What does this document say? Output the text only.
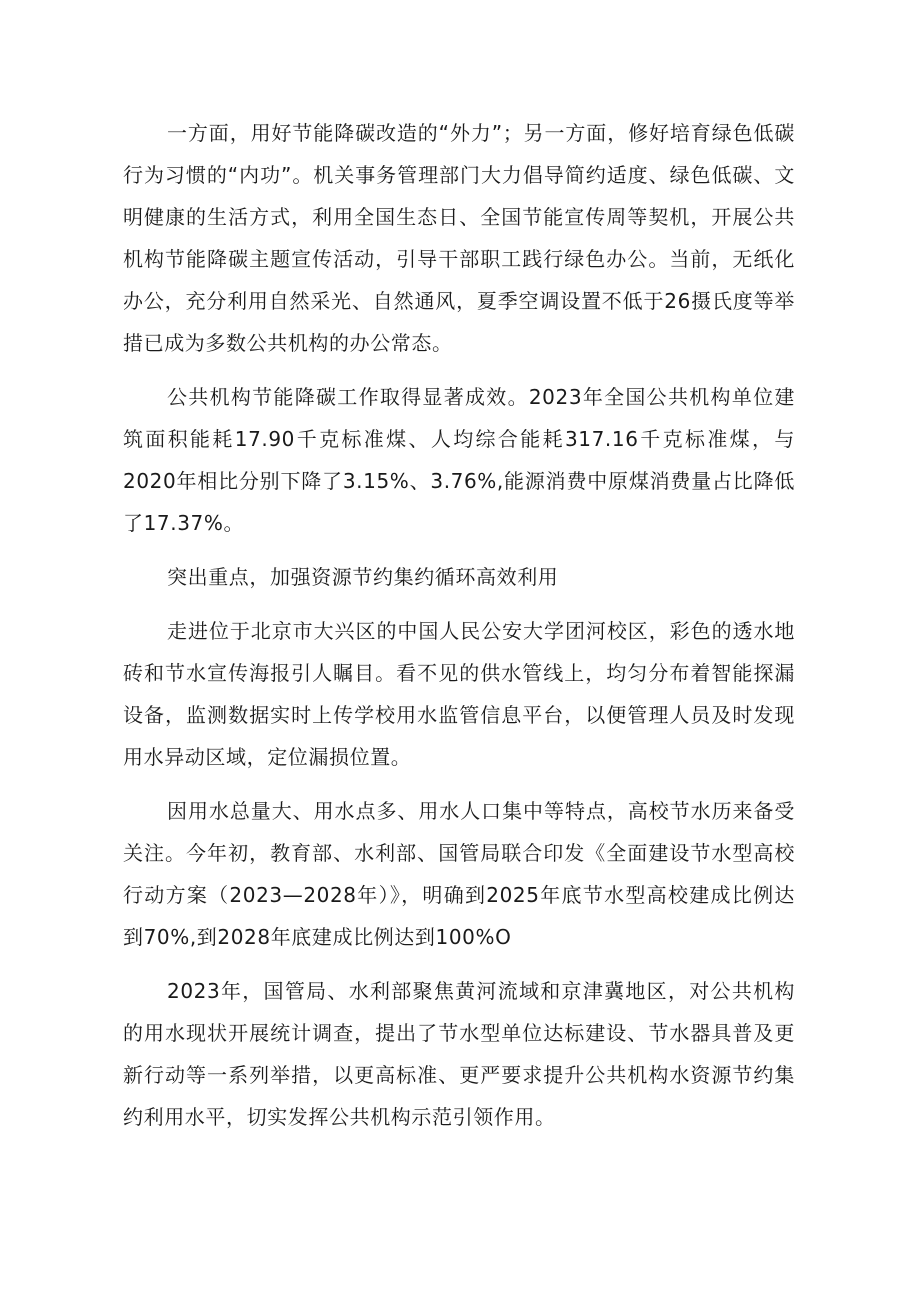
一方面，用好节能降碳改造的“外力”；另一方面，修好培育绿色低碳行为习惯的“内功”。机关事务管理部门大力倡导简约适度、绿色低碳、文明健康的生活方式，利用全国生态日、全国节能宣传周等契机，开展公共机构节能降碳主题宣传活动，引导干部职工践行绿色办公。当前，无纸化办公，充分利用自然采光、自然通风，夏季空调设置不低于26摄氏度等举措已成为多数公共机构的办公常态。

公共机构节能降碳工作取得显著成效。2023年全国公共机构单位建筑面积能耗17.90千克标准煤、人均综合能耗317.16千克标准煤，与2020年相比分别下降了3.15%、3.76%,能源消费中原煤消费量占比降低了17.37%。

突出重点，加强资源节约集约循环高效利用

走进位于北京市大兴区的中国人民公安大学团河校区，彩色的透水地砖和节水宣传海报引人瞩目。看不见的供水管线上，均匀分布着智能探漏设备，监测数据实时上传学校用水监管信息平台，以便管理人员及时发现用水异动区域，定位漏损位置。

因用水总量大、用水点多、用水人口集中等特点，高校节水历来备受关注。今年初，教育部、水利部、国管局联合印发《全面建设节水型高校行动方案（2023—2028年）》，明确到2025年底节水型高校建成比例达到70%,到2028年底建成比例达到100%O

2023年，国管局、水利部聚焦黄河流域和京津冀地区，对公共机构的用水现状开展统计调查，提出了节水型单位达标建设、节水器具普及更新行动等一系列举措，以更高标准、更严要求提升公共机构水资源节约集约利用水平，切实发挥公共机构示范引领作用。
